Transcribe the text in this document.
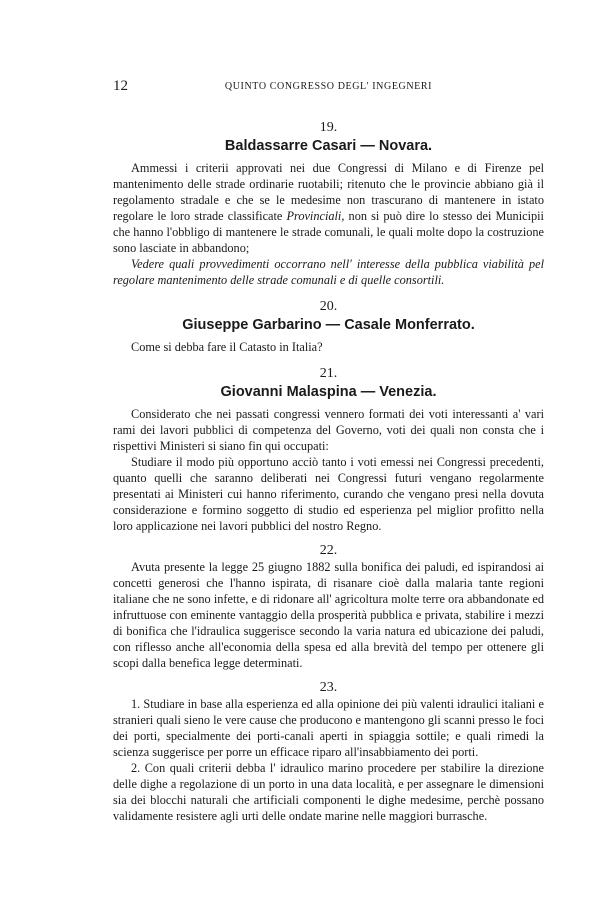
12	QUINTO CONGRESSO DEGL' INGEGNERI

19.

Baldassarre Casari — Novara.

Ammessi i criterii approvati nei due Congressi di Milano e di Firenze pel mantenimento delle strade ordinarie ruotabili; ritenuto che le provincie abbiano già il regolamento stradale e che se le medesime non trascurano di mantenere in istato regolare le loro strade classificate Provinciali, non si può dire lo stesso dei Municipii che hanno l'obbligo di mantenere le strade comunali, le quali molte dopo la costruzione sono lasciate in abbandono;

Vedere quali provvedimenti occorrano nell' interesse della pubblica viabilità pel regolare mantenimento delle strade comunali e di quelle consortili.

20.

Giuseppe Garbarino — Casale Monferrato.

Come si debba fare il Catasto in Italia?

21.

Giovanni Malaspina — Venezia.

Considerato che nei passati congressi vennero formati dei voti interessanti a' vari rami dei lavori pubblici di competenza del Governo, voti dei quali non consta che i rispettivi Ministeri si siano fin qui occupati:

Studiare il modo più opportuno acciò tanto i voti emessi nei Congressi precedenti, quanto quelli che saranno deliberati nei Congressi futuri vengano regolarmente presentati ai Ministeri cui hanno riferimento, curando che vengano presi nella dovuta considerazione e formino soggetto di studio ed esperienza pel miglior profitto nella loro applicazione nei lavori pubblici del nostro Regno.

22.

Avuta presente la legge 25 giugno 1882 sulla bonifica dei paludi, ed ispirandosi ai concetti generosi che l'hanno ispirata, di risanare cioè dalla malaria tante regioni italiane che ne sono infette, e di ridonare all' agricoltura molte terre ora abbandonate ed infruttuose con eminente vantaggio della prosperità pubblica e privata, stabilire i mezzi di bonifica che l'idraulica suggerisce secondo la varia natura ed ubicazione dei paludi, con riflesso anche all'economia della spesa ed alla brevità del tempo per ottenere gli scopi dalla benefica legge determinati.

23.

1. Studiare in base alla esperienza ed alla opinione dei più valenti idraulici italiani e stranieri quali sieno le vere cause che producono e mantengono gli scanni presso le foci dei porti, specialmente dei porti-canali aperti in spiaggia sottile; e quali rimedi la scienza suggerisce per porre un efficace riparo all'insabbiamento dei porti.

2. Con quali criterii debba l' idraulico marino procedere per stabilire la direzione delle dighe a regolazione di un porto in una data località, e per assegnare le dimensioni sia dei blocchi naturali che artificiali componenti le dighe medesime, perchè possano validamente resistere agli urti delle ondate marine nelle maggiori burrasche.
